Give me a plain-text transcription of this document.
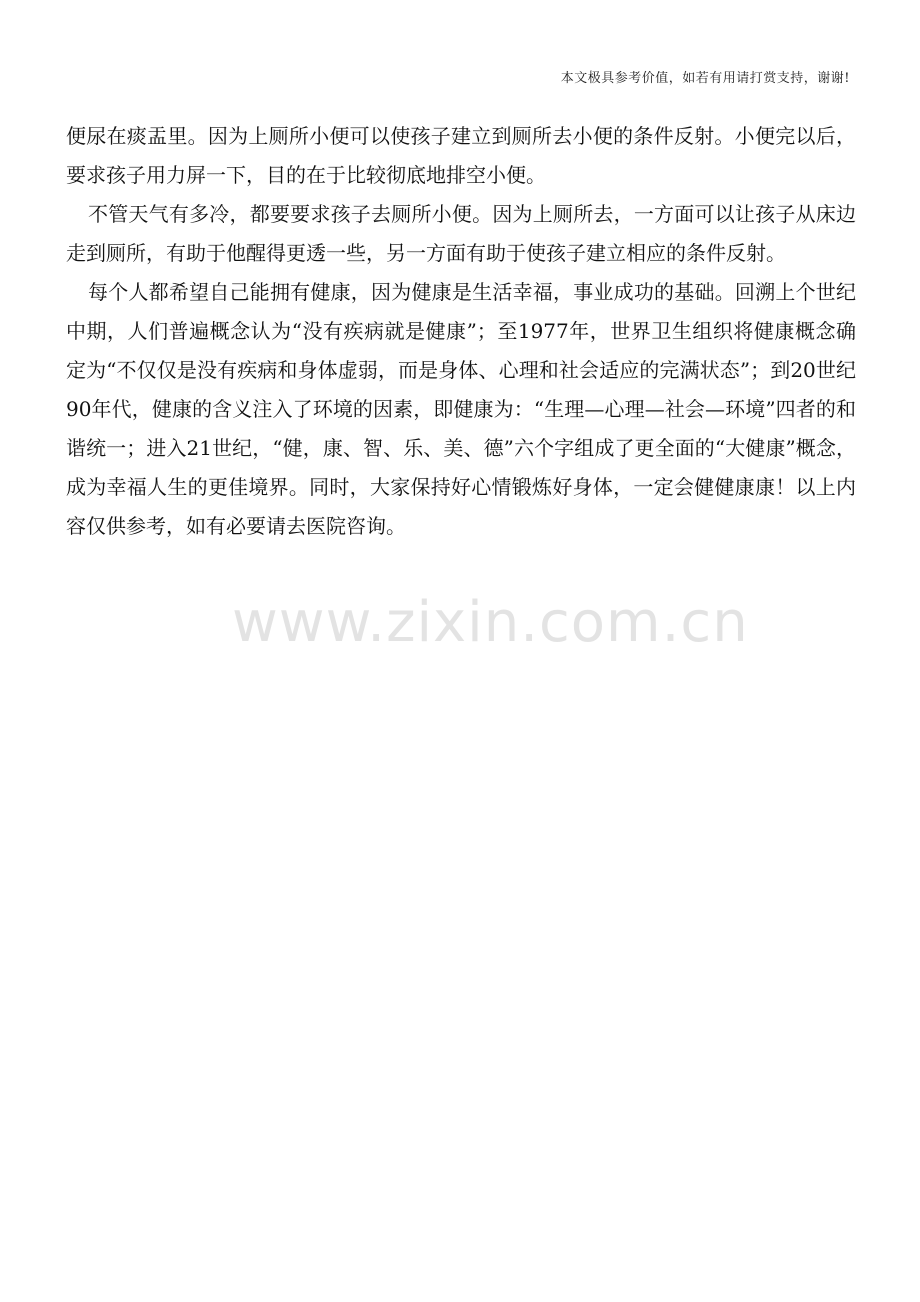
本文极具参考价值，如若有用请打赏支持，谢谢!

便尿在痰盂里。因为上厕所小便可以使孩子建立到厕所去小便的条件反射。小便完以后，要求孩子用力屏一下，目的在于比较彻底地排空小便。

不管天气有多冷，都要要求孩子去厕所小便。因为上厕所去，一方面可以让孩子从床边走到厕所，有助于他醒得更透一些，另一方面有助于使孩子建立相应的条件反射。

每个人都希望自己能拥有健康，因为健康是生活幸福，事业成功的基础。回溯上个世纪中期，人们普遍概念认为“没有疾病就是健康”；至1977年，世界卫生组织将健康概念确定为“不仅仅是没有疾病和身体虚弱，而是身体、心理和社会适应的完满状态”；到20世纪90年代，健康的含义注入了环境的因素，即健康为：“生理—心理—社会—环境”四者的和谐统一；进入21世纪，“健，康、智、乐、美、德”六个字组成了更全面的“大健康”概念，成为幸福人生的更佳境界。同时，大家保持好心情锻炼好身体，一定会健健康康！以上内容仅供参考，如有必要请去医院咨询。

www.zixin.com.cn
